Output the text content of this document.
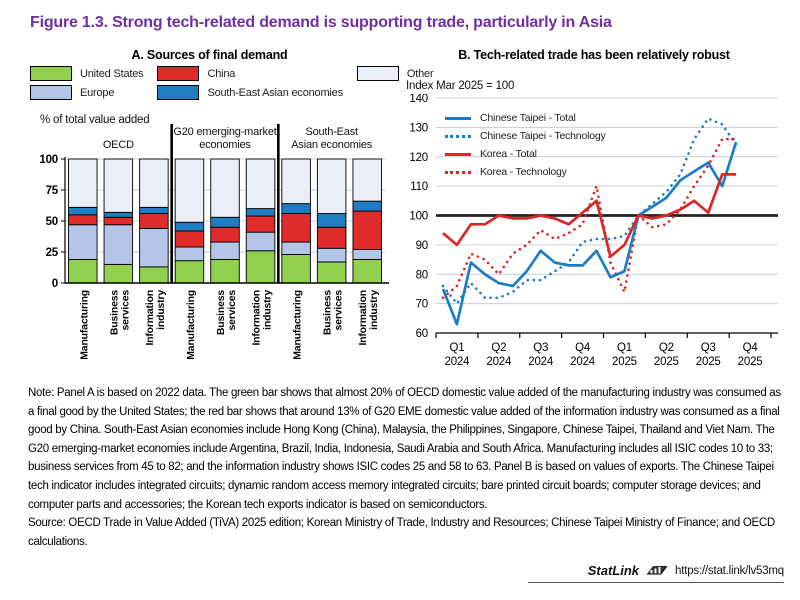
Figure 1.3. Strong tech-related demand is supporting trade, particularly in Asia
A. Sources of final demand
United States
Europe
China
South-East Asian economies
Other
% of total value added
0
25
50
75
100
OECD
G20 emerging-market
economies
South-East
Asian economies
Manufacturing Business services Information industry Manufacturing Business services Information industry Manufacturing Business services Information industry
B. Tech-related trade has been relatively robust
Index Mar 2025 = 100
60
70
80
90
100
110
120
130
140
Q1
2024
Q2
2024
Q3
2024
Q4
2024
Q1
2025
Q2
2025
Q3
2025
Q4
2025
Chinese Taipei - Total
Chinese Taipei - Technology
Korea - Total
Korea - Technology

Note: Panel A is based on 2022 data. The green bar shows that almost 20% of OECD domestic value added of the manufacturing industry was consumed as a final good by the United States; the red bar shows that around 13% of G20 EME domestic value added of the information industry was consumed as a final good by China. South-East Asian economies include Hong Kong (China), Malaysia, the Philippines, Singapore, Chinese Taipei, Thailand and Viet Nam. The G20 emerging-market economies include Argentina, Brazil, India, Indonesia, Saudi Arabia and South Africa. Manufacturing includes all ISIC codes 10 to 33; business services from 45 to 82; and the information industry shows ISIC codes 25 and 58 to 63. Panel B is based on values of exports. The Chinese Taipei tech indicator includes integrated circuits; dynamic random access memory integrated circuits; bare printed circuit boards; computer storage devices; and computer parts and accessories; the Korean tech exports indicator is based on semiconductors.

Source: OECD Trade in Value Added (TiVA) 2025 edition; Korean Ministry of Trade, Industry and Resources; Chinese Taipei Ministry of Finance; and OECD calculations.

StatLink	https://stat.link/lv53mq
